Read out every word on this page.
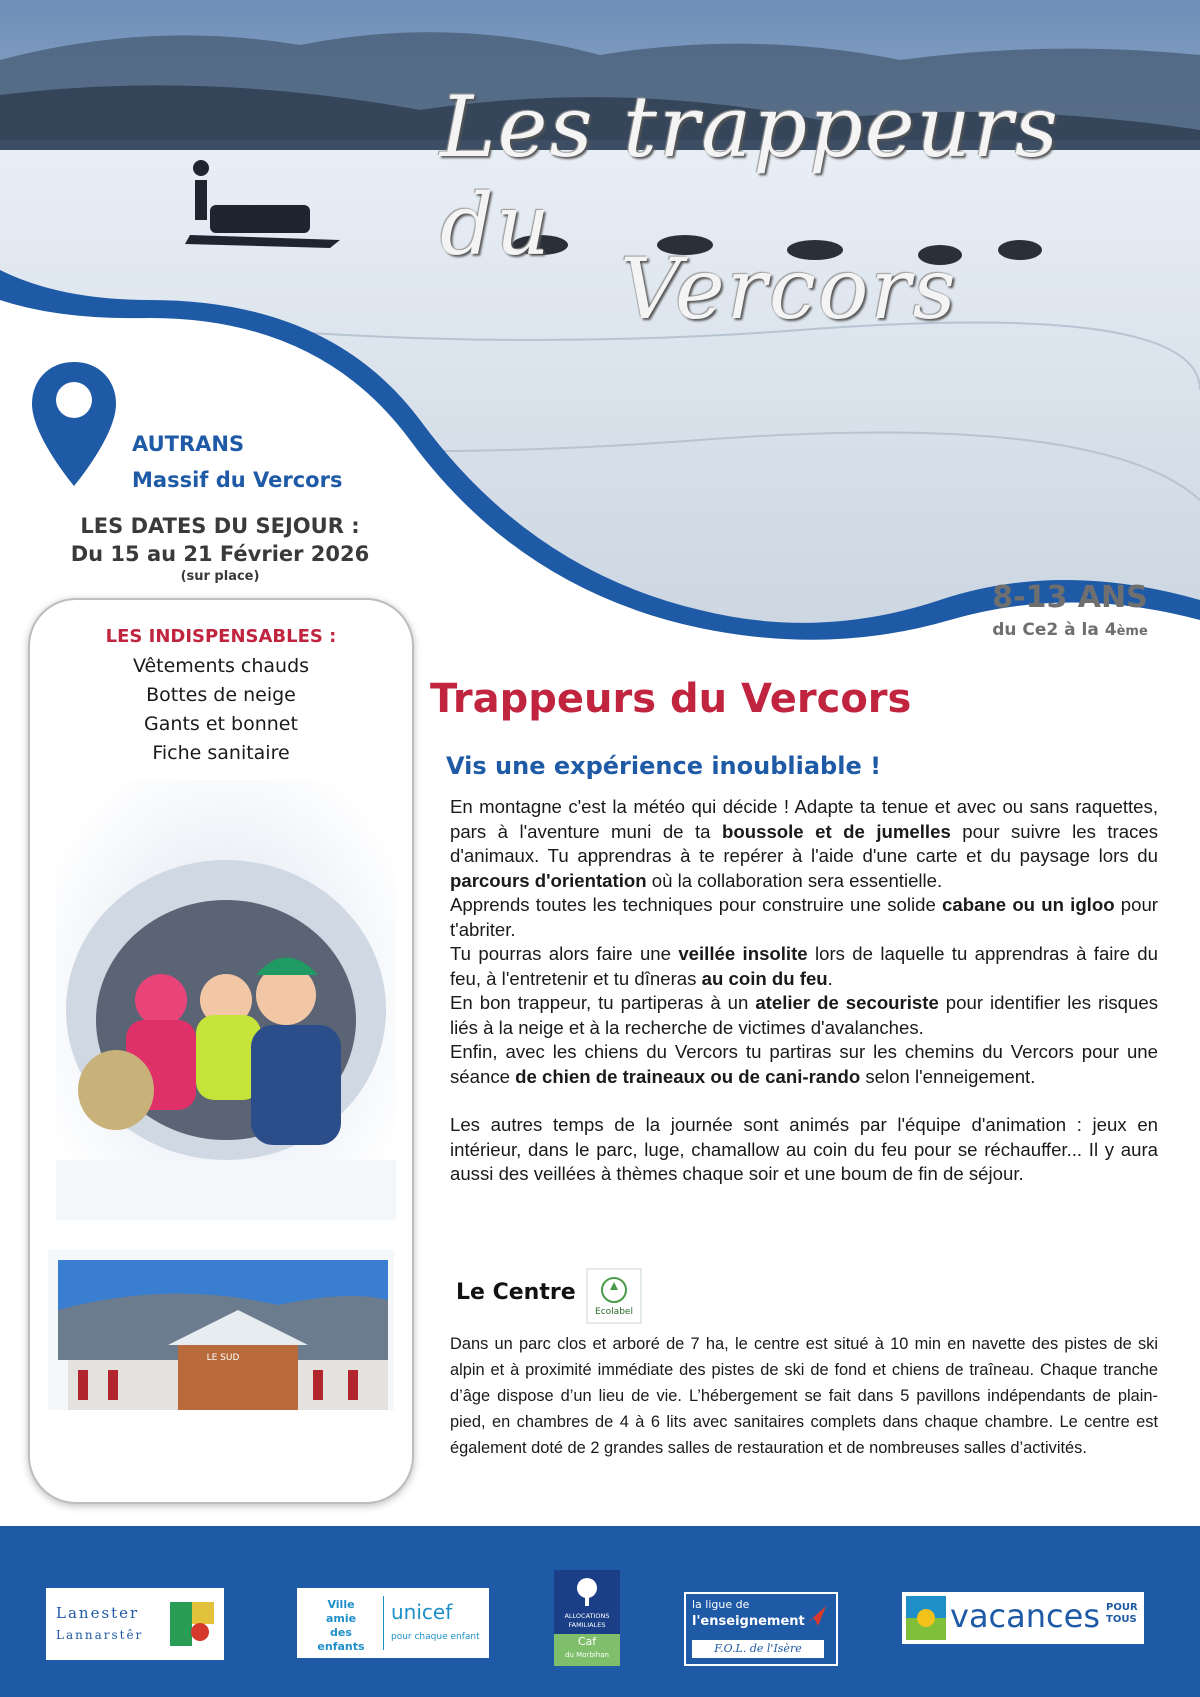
Les trappeurs du
Vercors
AUTRANS
Massif du Vercors
LES DATES DU SEJOUR :
Du 15 au 21 Février 2026
(sur place)
8-13 ANS
du Ce2 à la 4ème
LES INDISPENSABLES :
Vêtements chauds
Bottes de neige
Gants et bonnet
Fiche sanitaire
LE SUD
Trappeurs du Vercors
Vis une expérience inoubliable !

En montagne c'est la météo qui décide ! Adapte ta tenue et avec ou sans raquettes, pars à l'aventure muni de ta boussole et de jumelles pour suivre les traces d'animaux. Tu apprendras à te repérer à l'aide d'une carte et du paysage lors du parcours d'orientation où la collaboration sera essentielle.

Apprends toutes les techniques pour construire une solide cabane ou un igloo pour t'abriter.

Tu pourras alors faire une veillée insolite lors de laquelle tu apprendras à faire du feu, à l'entretenir et tu dîneras au coin du feu.

En bon trappeur, tu partiperas à un atelier de secouriste pour identifier les risques liés à la neige et à la recherche de victimes d'avalanches.

Enfin, avec les chiens du Vercors tu partiras sur les chemins du Vercors pour une séance de chien de traineaux ou de cani-rando selon l'enneigement.

Les autres temps de la journée sont animés par l'équipe d'animation : jeux en intérieur, dans le parc, luge, chamallow au coin du feu pour se réchauffer... Il y aura aussi des veillées à thèmes chaque soir et une boum de fin de séjour.

Le Centre
Ecolabel

Dans un parc clos et arboré de 7 ha, le centre est situé à 10 min en navette des pistes de ski alpin et à proximité immédiate des pistes de ski de fond et chiens de traîneau. Chaque tranche d’âge dispose d’un lieu de vie. L’hébergement se fait dans 5 pavillons indépendants de plain-pied, en chambres de 4 à 6 lits avec sanitaires complets dans chaque chambre. Le centre est également doté de 2 grandes salles de restauration et de nombreuses salles d’activités.

Lanester
Lannarstêr
Ville
amie
des enfants
unicef
pour chaque enfant
ALLOCATIONS
FAMILIALES
Caf
du Morbihan
la ligue de
l'enseignement
F.O.L. de l'Isère
vacances POUR
TOUS
